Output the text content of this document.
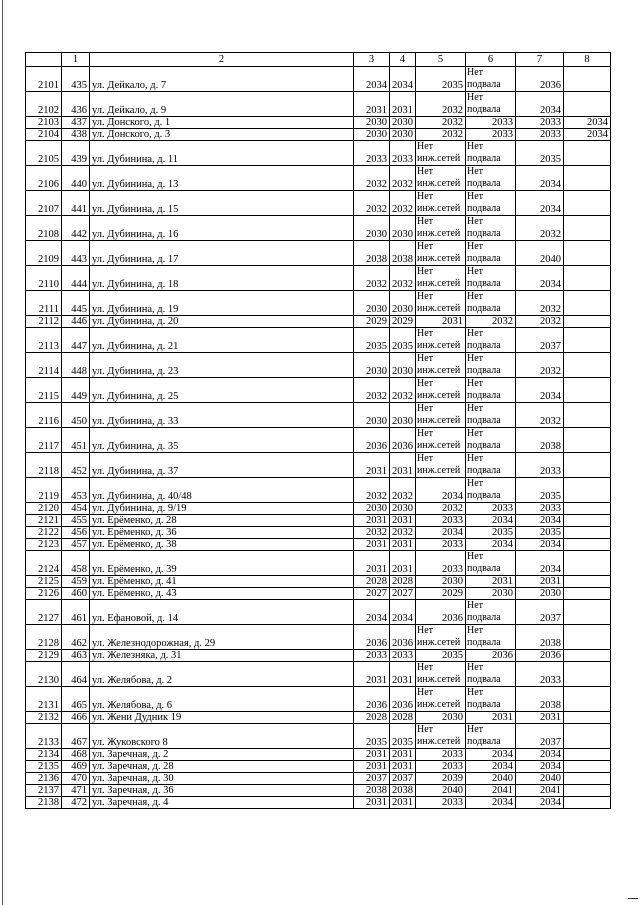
	1	2	3	4	5	6	7	8
2101	435	ул. Дейкало, д. 7	2034	2034	2035	Нет подвала	2036	
2102	436	ул. Дейкало, д. 9	2031	2031	2032	Нет подвала	2034	
2103	437	ул. Донского, д. 1	2030	2030	2032	2033	2033	2034
2104	438	ул. Донского, д. 3	2030	2030	2032	2033	2033	2034
2105	439	ул. Дубинина, д. 11	2033	2033	Нет инж.сетей	Нет подвала	2035	
2106	440	ул. Дубинина, д. 13	2032	2032	Нет инж.сетей	Нет подвала	2034	
2107	441	ул. Дубинина, д. 15	2032	2032	Нет инж.сетей	Нет подвала	2034	
2108	442	ул. Дубинина, д. 16	2030	2030	Нет инж.сетей	Нет подвала	2032	
2109	443	ул. Дубинина, д. 17	2038	2038	Нет инж.сетей	Нет подвала	2040	
2110	444	ул. Дубинина, д. 18	2032	2032	Нет инж.сетей	Нет подвала	2034	
2111	445	ул. Дубинина, д. 19	2030	2030	Нет инж.сетей	Нет подвала	2032	
2112	446	ул. Дубинина, д. 20	2029	2029	2031	2032	2032	
2113	447	ул. Дубинина, д. 21	2035	2035	Нет инж.сетей	Нет подвала	2037	
2114	448	ул. Дубинина, д. 23	2030	2030	Нет инж.сетей	Нет подвала	2032	
2115	449	ул. Дубинина, д. 25	2032	2032	Нет инж.сетей	Нет подвала	2034	
2116	450	ул. Дубинина, д. 33	2030	2030	Нет инж.сетей	Нет подвала	2032	
2117	451	ул. Дубинина, д. 35	2036	2036	Нет инж.сетей	Нет подвала	2038	
2118	452	ул. Дубинина, д. 37	2031	2031	Нет инж.сетей	Нет подвала	2033	
2119	453	ул. Дубинина, д. 40/48	2032	2032	2034	Нет подвала	2035	
2120	454	ул. Дубинина, д. 9/19	2030	2030	2032	2033	2033	
2121	455	ул. Ерёменко, д. 28	2031	2031	2033	2034	2034	
2122	456	ул. Ерёменко, д. 36	2032	2032	2034	2035	2035	
2123	457	ул. Ерёменко, д. 38	2031	2031	2033	2034	2034	
2124	458	ул. Ерёменко, д. 39	2031	2031	2033	Нет подвала	2034	
2125	459	ул. Ерёменко, д. 41	2028	2028	2030	2031	2031	
2126	460	ул. Ерёменко, д. 43	2027	2027	2029	2030	2030	
2127	461	ул. Ефановой, д. 14	2034	2034	2036	Нет подвала	2037	
2128	462	ул. Железнодорожная, д. 29	2036	2036	Нет инж.сетей	Нет подвала	2038	
2129	463	ул. Железнякa, д. 31	2033	2033	2035	2036	2036	
2130	464	ул. Желябова, д. 2	2031	2031	Нет инж.сетей	Нет подвала	2033	
2131	465	ул. Желябова, д. 6	2036	2036	Нет инж.сетей	Нет подвала	2038	
2132	466	ул. Жени Дудник 19	2028	2028	2030	2031	2031	
2133	467	ул. Жуковского 8	2035	2035	Нет инж.сетей	Нет подвала	2037	
2134	468	ул. Заречная, д. 2	2031	2031	2033	2034	2034	
2135	469	ул. Заречная, д. 28	2031	2031	2033	2034	2034	
2136	470	ул. Заречная, д. 30	2037	2037	2039	2040	2040	
2137	471	ул. Заречная, д. 36	2038	2038	2040	2041	2041	
2138	472	ул. Заречная, д. 4	2031	2031	2033	2034	2034	
